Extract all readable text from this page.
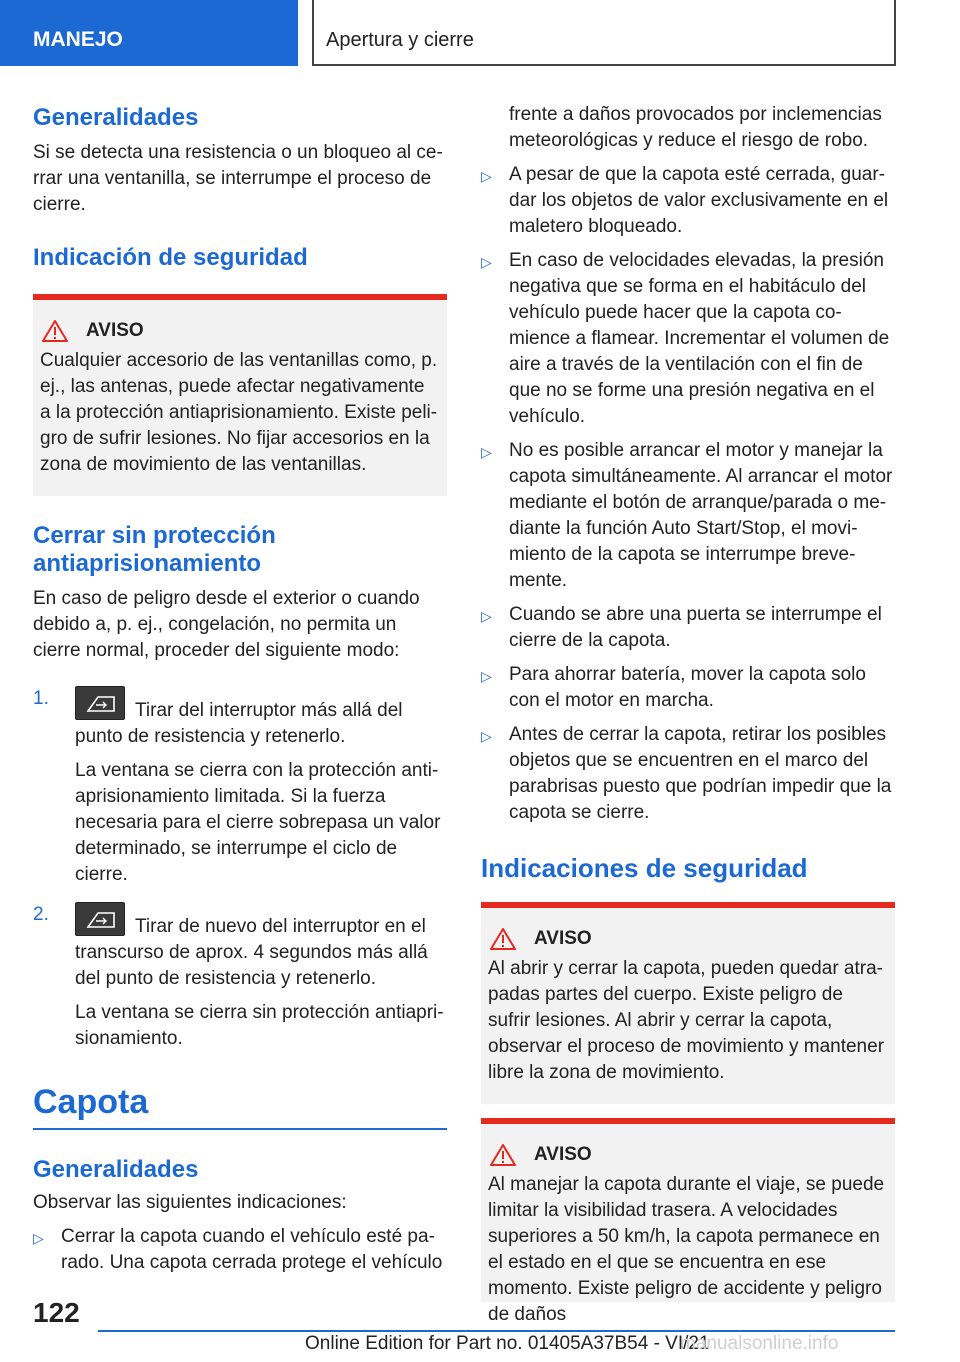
MANEJO	Apertura y cierre
Generalidades

Si se detecta una resistencia o un bloqueo al cerrar una ventanilla, se interrumpe el proceso de cierre.

Indicación de seguridad
AVISO

Cualquier accesorio de las ventanillas como, p. ej., las antenas, puede afectar negativamente a la protección antiaprisionamiento. Existe peligro de sufrir lesiones. No fijar accesorios en la zona de movimiento de las ventanillas.

Cerrar sin protección antiaprisionamiento

En caso de peligro desde el exterior o cuando debido a, p. ej., congelación, no permita un cierre normal, proceder del siguiente modo:

1.
Tirar del interruptor más allá del punto de resistencia y retenerlo.

La ventana se cierra con la protección antiaprisionamiento limitada. Si la fuerza necesaria para el cierre sobrepasa un valor determinado, se interrumpe el ciclo de cierre.

2.
Tirar de nuevo del interruptor en el transcurso de aprox. 4 segundos más allá del punto de resistencia y retenerlo.

La ventana se cierra sin protección antiaprisionamiento.

Capota
Generalidades

Observar las siguientes indicaciones:

▷ Cerrar la capota cuando el vehículo esté parado. Una capota cerrada protege el vehículo

frente a daños provocados por inclemencias meteorológicas y reduce el riesgo de robo.

▷ A pesar de que la capota esté cerrada, guardar los objetos de valor exclusivamente en el maletero bloqueado.
▷ En caso de velocidades elevadas, la presión negativa que se forma en el habitáculo del vehículo puede hacer que la capota comience a flamear. Incrementar el volumen de aire a través de la ventilación con el fin de que no se forme una presión negativa en el vehículo.
▷ No es posible arrancar el motor y manejar la capota simultáneamente. Al arrancar el motor mediante el botón de arranque/parada o mediante la función Auto Start/Stop, el movimiento de la capota se interrumpe brevemente.
▷ Cuando se abre una puerta se interrumpe el cierre de la capota.
▷ Para ahorrar batería, mover la capota solo con el motor en marcha.
▷ Antes de cerrar la capota, retirar los posibles objetos que se encuentren en el marco del parabrisas puesto que podrían impedir que la capota se cierre.
Indicaciones de seguridad
AVISO

Al abrir y cerrar la capota, pueden quedar atrapadas partes del cuerpo. Existe peligro de sufrir lesiones. Al abrir y cerrar la capota, observar el proceso de movimiento y mantener libre la zona de movimiento.

AVISO

Al manejar la capota durante el viaje, se puede limitar la visibilidad trasera. A velocidades superiores a 50 km/h, la capota permanece en el estado en el que se encuentra en ese momento. Existe peligro de accidente y peligro de daños

122
Online Edition for Part no. 01405A37B54 - VI/21
manualsonline.info
